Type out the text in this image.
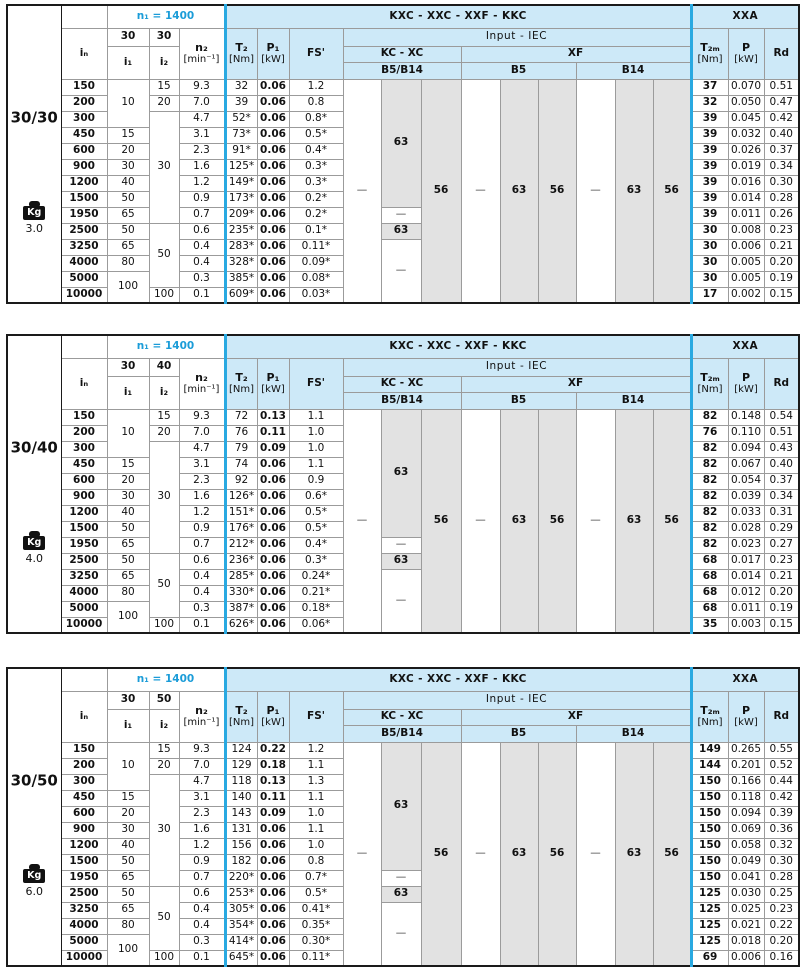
30/30
Kg
3.0		n₁ = 1400			KXC - XXC - XXF - KKC												XXA		
iₙ	30	30	
n₂
[min⁻¹]

T₂
[Nm]

P₁
[kW]
	FS'	Input - IEC	
T₂ₘ
[Nm]

P
[kW]
	Rd
		i₁	i₂					KC - XC			XF								
								B5/B14			B5			B14					
	150	10	15	9.3	32	0.06	1.2	—	63	56	—	63	56	—	63	56	37	0.070	0.51
	200		20	7.0	39	0.06	0.8										32	0.050	0.47
	300		30	4.7	52*	0.06	0.8*										39	0.045	0.42
	450	15		3.1	73*	0.06	0.5*										39	0.032	0.40
	600	20		2.3	91*	0.06	0.4*										39	0.026	0.37
	900	30		1.6	125*	0.06	0.3*										39	0.019	0.34
	1200	40		1.2	149*	0.06	0.3*										39	0.016	0.30
	1500	50		0.9	173*	0.06	0.2*										39	0.014	0.28
	1950	65		0.7	209*	0.06	0.2*		—								39	0.011	0.26
	2500	50	50	0.6	235*	0.06	0.1*		63								30	0.008	0.23
	3250	65		0.4	283*	0.06	0.11*		—								30	0.006	0.21
	4000	80		0.4	328*	0.06	0.09*										30	0.005	0.20
	5000	100		0.3	385*	0.06	0.08*										30	0.005	0.19
	10000		100	0.1	609*	0.06	0.03*										17	0.002	0.15
30/40
Kg
4.0		n₁ = 1400			KXC - XXC - XXF - KKC												XXA		
iₙ	30	40	
n₂
[min⁻¹]

T₂
[Nm]

P₁
[kW]
	FS'	Input - IEC	
T₂ₘ
[Nm]

P
[kW]
	Rd
		i₁	i₂					KC - XC			XF								
								B5/B14			B5			B14					
	150	10	15	9.3	72	0.13	1.1	—	63	56	—	63	56	—	63	56	82	0.148	0.54
	200		20	7.0	76	0.11	1.0										76	0.110	0.51
	300		30	4.7	79	0.09	1.0										82	0.094	0.43
	450	15		3.1	74	0.06	1.1										82	0.067	0.40
	600	20		2.3	92	0.06	0.9										82	0.054	0.37
	900	30		1.6	126*	0.06	0.6*										82	0.039	0.34
	1200	40		1.2	151*	0.06	0.5*										82	0.033	0.31
	1500	50		0.9	176*	0.06	0.5*										82	0.028	0.29
	1950	65		0.7	212*	0.06	0.4*		—								82	0.023	0.27
	2500	50	50	0.6	236*	0.06	0.3*		63								68	0.017	0.23
	3250	65		0.4	285*	0.06	0.24*		—								68	0.014	0.21
	4000	80		0.4	330*	0.06	0.21*										68	0.012	0.20
	5000	100		0.3	387*	0.06	0.18*										68	0.011	0.19
	10000		100	0.1	626*	0.06	0.06*										35	0.003	0.15
30/50
Kg
6.0		n₁ = 1400			KXC - XXC - XXF - KKC												XXA		
iₙ	30	50	
n₂
[min⁻¹]

T₂
[Nm]

P₁
[kW]
	FS'	Input - IEC	
T₂ₘ
[Nm]

P
[kW]
	Rd
		i₁	i₂					KC - XC			XF								
								B5/B14			B5			B14					
	150	10	15	9.3	124	0.22	1.2	—	63	56	—	63	56	—	63	56	149	0.265	0.55
	200		20	7.0	129	0.18	1.1										144	0.201	0.52
	300		30	4.7	118	0.13	1.3										150	0.166	0.44
	450	15		3.1	140	0.11	1.1										150	0.118	0.42
	600	20		2.3	143	0.09	1.0										150	0.094	0.39
	900	30		1.6	131	0.06	1.1										150	0.069	0.36
	1200	40		1.2	156	0.06	1.0										150	0.058	0.32
	1500	50		0.9	182	0.06	0.8										150	0.049	0.30
	1950	65		0.7	220*	0.06	0.7*		—								150	0.041	0.28
	2500	50	50	0.6	253*	0.06	0.5*		63								125	0.030	0.25
	3250	65		0.4	305*	0.06	0.41*		—								125	0.025	0.23
	4000	80		0.4	354*	0.06	0.35*										125	0.021	0.22
	5000	100		0.3	414*	0.06	0.30*										125	0.018	0.20
	10000		100	0.1	645*	0.06	0.11*										69	0.006	0.16
